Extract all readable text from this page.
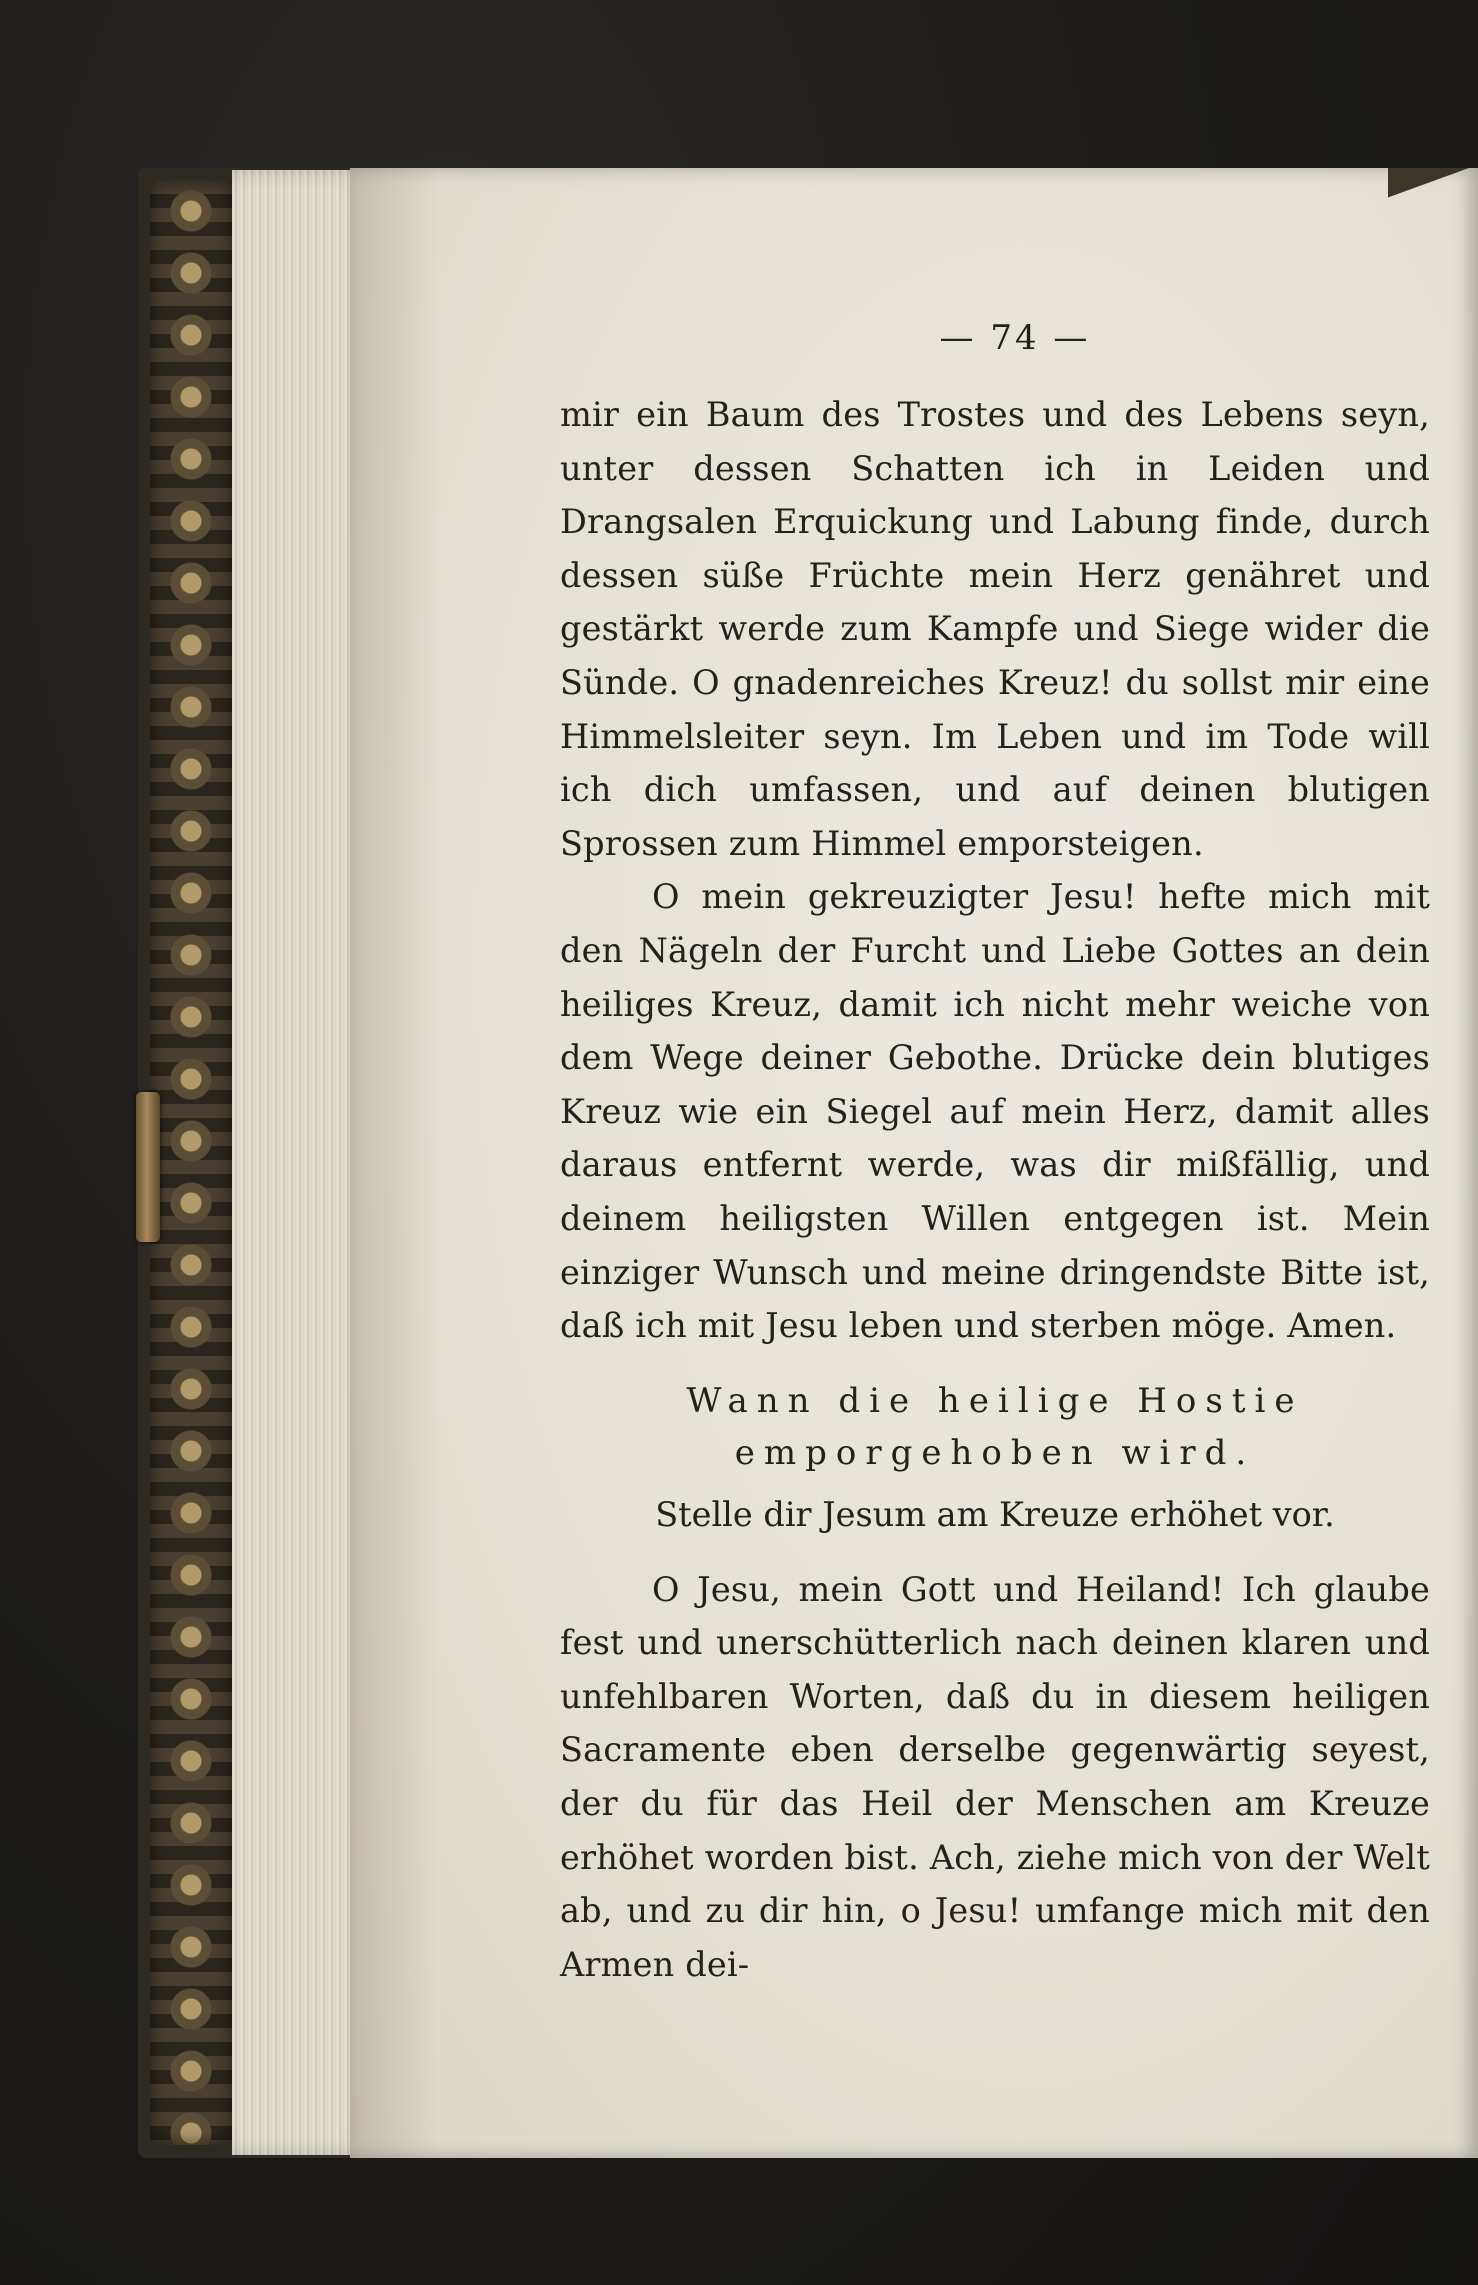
— 74 —

mir ein Baum des Trostes und des Lebens seyn, unter dessen Schatten ich in Leiden und Drangsalen Erquickung und Labung finde, durch dessen süße Früchte mein Herz genähret und gestärkt werde zum Kampfe und Siege wider die Sünde. O gnadenreiches Kreuz! du sollst mir eine Himmelsleiter seyn. Im Leben und im Tode will ich dich umfassen, und auf deinen blutigen Sprossen zum Himmel emporsteigen.

O mein gekreuzigter Jesu! hefte mich mit den Nägeln der Furcht und Liebe Gottes an dein heiliges Kreuz, damit ich nicht mehr weiche von dem Wege deiner Gebothe. Drücke dein blutiges Kreuz wie ein Siegel auf mein Herz, damit alles daraus entfernt werde, was dir mißfällig, und deinem heiligsten Willen entgegen ist. Mein einziger Wunsch und meine dringendste Bitte ist, daß ich mit Jesu leben und sterben möge. Amen.

Wann die heilige Hostie emporgehoben wird.
Stelle dir Jesum am Kreuze erhöhet vor.

O Jesu, mein Gott und Heiland! Ich glaube fest und unerschütterlich nach deinen klaren und unfehlbaren Worten, daß du in diesem heiligen Sacramente eben derselbe gegenwärtig seyest, der du für das Heil der Menschen am Kreuze erhöhet worden bist. Ach, ziehe mich von der Welt ab, und zu dir hin, o Jesu! umfange mich mit den Armen dei-
